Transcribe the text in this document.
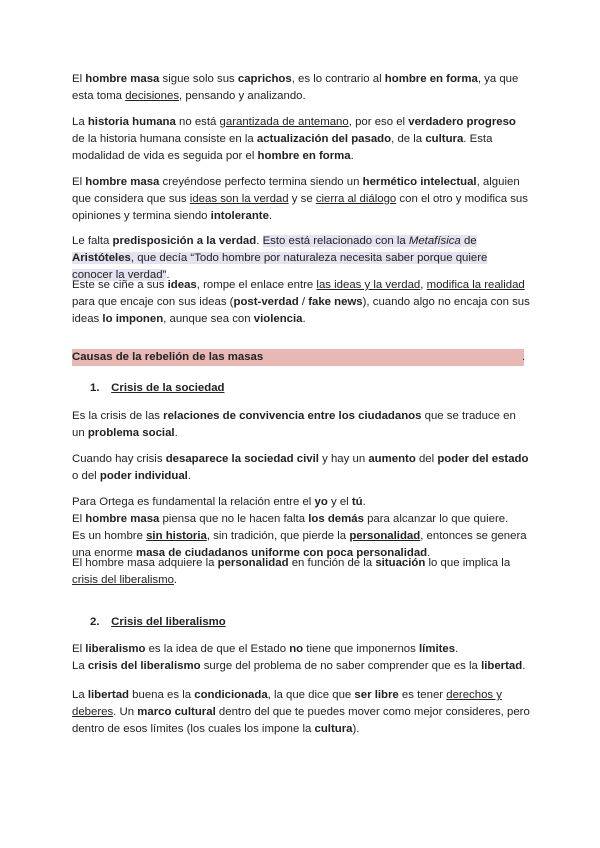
El hombre masa sigue solo sus caprichos, es lo contrario al hombre en forma, ya que esta toma decisiones, pensando y analizando.

La historia humana no está garantizada de antemano, por eso el verdadero progreso de la historia humana consiste en la actualización del pasado, de la cultura. Esta modalidad de vida es seguida por el hombre en forma.

El hombre masa creyéndose perfecto termina siendo un hermético intelectual, alguien que considera que sus ideas son la verdad y se cierra al diálogo con el otro y modifica sus opiniones y termina siendo intolerante.

Le falta predisposición a la verdad. Esto está relacionado con la Metafísica de Aristóteles, que decía “Todo hombre por naturaleza necesita saber porque quiere conocer la verdad”.

Este se ciñe a sus ideas, rompe el enlace entre las ideas y la verdad, modifica la realidad para que encaje con sus ideas (post-verdad / fake news), cuando algo no encaja con sus ideas lo imponen, aunque sea con violencia.

Causas de la rebelión de las masas	.
1. Crisis de la sociedad

Es la crisis de las relaciones de convivencia entre los ciudadanos que se traduce en un problema social.

Cuando hay crisis desaparece la sociedad civil y hay un aumento del poder del estado o del poder individual.

Para Ortega es fundamental la relación entre el yo y el tú.

El hombre masa piensa que no le hacen falta los demás para alcanzar lo que quiere.

Es un hombre sin historia, sin tradición, que pierde la personalidad, entonces se genera una enorme masa de ciudadanos uniforme con poca personalidad.

El hombre masa adquiere la personalidad en función de la situación lo que implica la crisis del liberalismo.

2. Crisis del liberalismo

El liberalismo es la idea de que el Estado no tiene que imponernos límites.

La crisis del liberalismo surge del problema de no saber comprender que es la libertad.

La libertad buena es la condicionada, la que dice que ser libre es tener derechos y deberes. Un marco cultural dentro del que te puedes mover como mejor consideres, pero dentro de esos límites (los cuales los impone la cultura).
